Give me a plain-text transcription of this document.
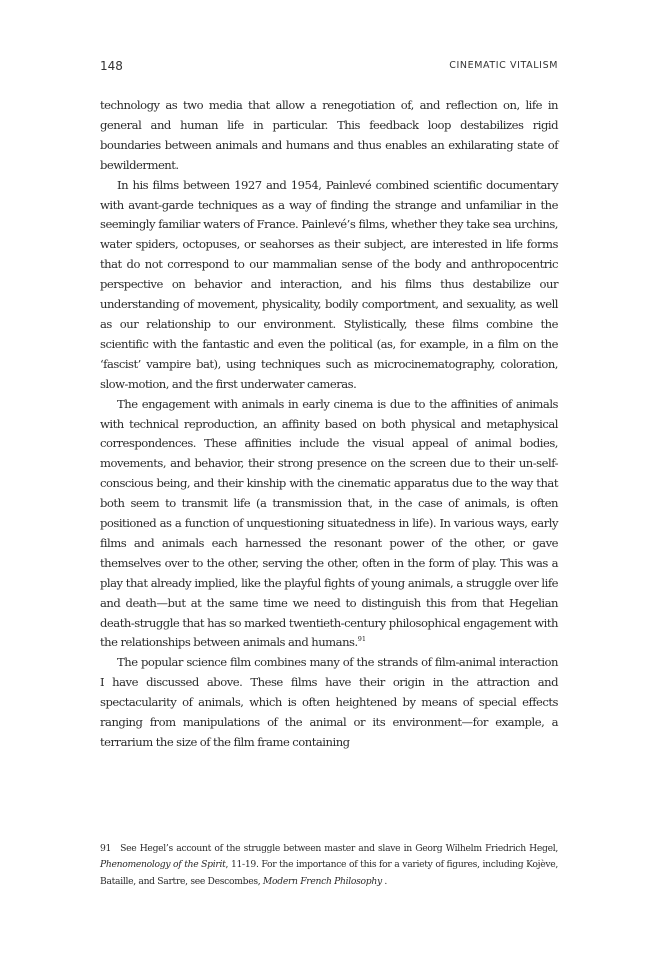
148	CINEMATIC VITALISM

technology as two media that allow a renegotiation of, and reflection on, life in general and human life in particular. This feedback loop destabilizes rigid boundaries between animals and humans and thus enables an exhilarating state of bewilderment.

In his films between 1927 and 1954, Painlevé combined scientific documentary with avant-garde techniques as a way of finding the strange and unfamiliar in the seemingly familiar waters of France. Painlevé’s films, whether they take sea urchins, water spiders, octopuses, or seahorses as their subject, are interested in life forms that do not correspond to our mammalian sense of the body and anthropocentric perspective on behavior and interaction, and his films thus destabilize our understanding of movement, physicality, bodily comportment, and sexuality, as well as our relationship to our environment. Stylistically, these films combine the scientific with the fantastic and even the political (as, for example, in a film on the ‘fascist’ vampire bat), using techniques such as microcinematography, coloration, slow-motion, and the first underwater cameras.

The engagement with animals in early cinema is due to the affinities of animals with technical reproduction, an affinity based on both physical and metaphysical correspondences. These affinities include the visual appeal of animal bodies, movements, and behavior, their strong presence on the screen due to their un-self-conscious being, and their kinship with the cinematic apparatus due to the way that both seem to transmit life (a transmission that, in the case of animals, is often positioned as a function of unquestioning situatedness in life). In various ways, early films and animals each harnessed the resonant power of the other, or gave themselves over to the other, serving the other, often in the form of play. This was a play that already implied, like the playful fights of young animals, a struggle over life and death—but at the same time we need to distinguish this from that Hegelian death-struggle that has so marked twentieth-century philosophical engagement with the relationships between animals and humans.$^{91}$

The popular science film combines many of the strands of film-animal interaction I have discussed above. These films have their origin in the attraction and spectacularity of animals, which is often heightened by means of special effects ranging from manipulations of the animal or its environment—for example, a terrarium the size of the film frame containing

91 See Hegel’s account of the struggle between master and slave in Georg Wilhelm Friedrich Hegel, Phenomenology of the Spirit, 11-19. For the importance of this for a variety of figures, including Kojève, Bataille, and Sartre, see Descombes, Modern French Philosophy .
